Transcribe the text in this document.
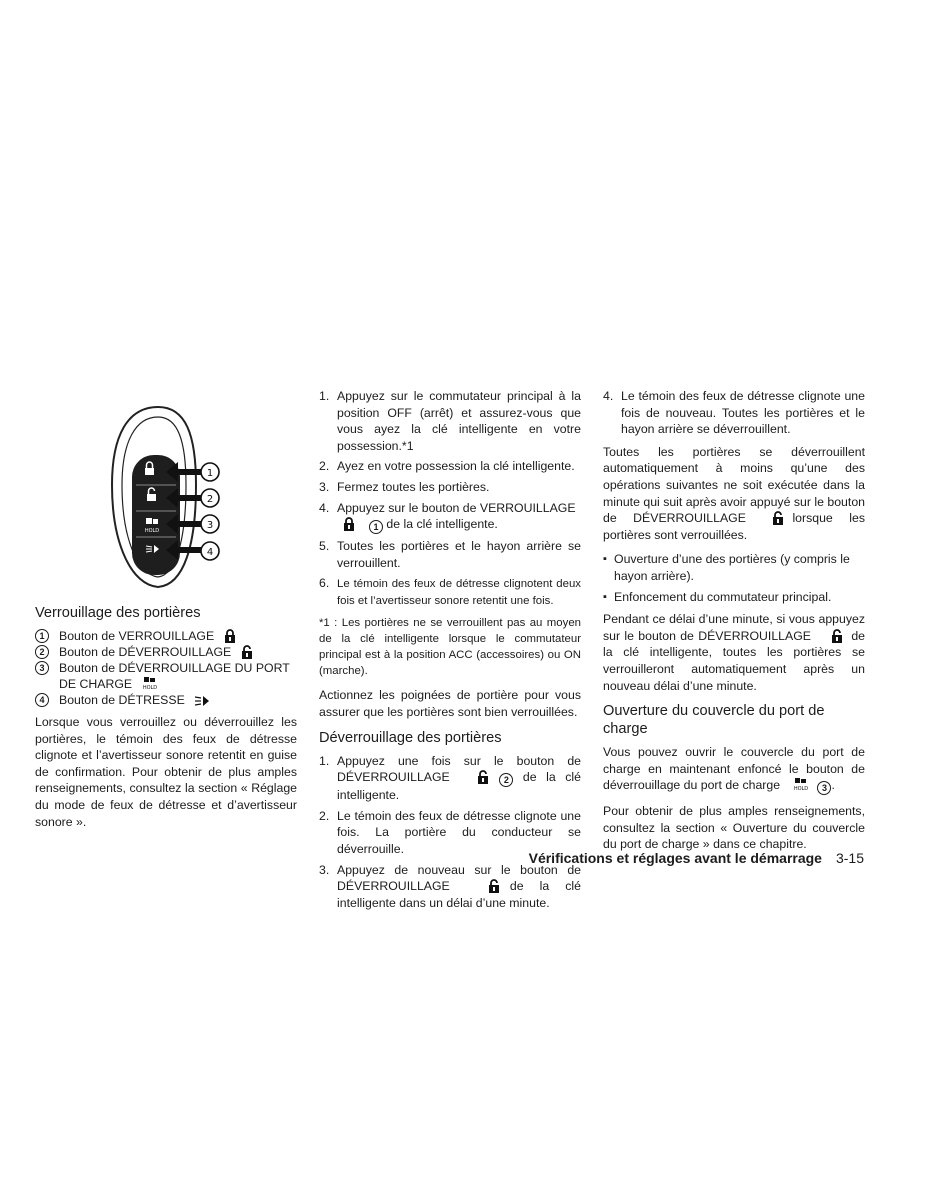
HOLD
1
2
3
4
Verrouillage des portières
1	Bouton de VERROUILLAGE
2	Bouton de DÉVERROUILLAGE
3	Bouton de DÉVERROUILLAGE DU PORT DE CHARGE HOLD
4	Bouton de DÉTRESSE

Lorsque vous verrouillez ou déverrouillez les portières, le témoin des feux de détresse clignote et l’avertisseur sonore retentit en guise de confirmation. Pour obtenir de plus amples renseignements, consultez la section « Réglage du mode de feux de détresse et d’avertisseur sonore ».

1. Appuyez sur le commutateur principal à la position OFF (arrêt) et assurez-vous que vous ayez la clé intelligente en votre possession.*1
2. Ayez en votre possession la clé intelligente.
3. Fermez toutes les portières.
4. Appuyez sur le bouton de VERROUILLAGE

1 de la clé intelligente.
5. Toutes les portières et le hayon arrière se verrouillent.
6. Le témoin des feux de détresse clignotent deux fois et l’avertisseur sonore retentit une fois.

*1 : Les portières ne se verrouillent pas au moyen de la clé intelligente lorsque le commutateur principal est à la position ACC (accessoires) ou ON (marche).

Actionnez les poignées de portière pour vous assurer que les portières sont bien verrouillées.

Déverrouillage des portières
1. Appuyez une fois sur le bouton de DÉVERROUILLAGE	2 de la clé intelligente.
2. Le témoin des feux de détresse clignote une fois. La portière du conducteur se déverrouille.
3. Appuyez de nouveau sur le bouton de DÉVERROUILLAGE	de la clé intelligente dans un délai d’une minute.
4. Le témoin des feux de détresse clignote une fois de nouveau. Toutes les portières et le hayon arrière se déverrouillent.

Toutes les portières se déverrouillent automatiquement à moins qu’une des opérations suivantes ne soit exécutée dans la minute qui suit après avoir appuyé sur le bouton de DÉVERROUILLAGE	lorsque les portières sont verrouillées.

▪ Ouverture d’une des portières (y compris le hayon arrière).
▪ Enfoncement du commutateur principal.

Pendant ce délai d’une minute, si vous appuyez sur le bouton de DÉVERROUILLAGE	de la clé intelligente, toutes les portières se verrouilleront automatiquement après un nouveau délai d’une minute.

Ouverture du couvercle du port de charge

Vous pouvez ouvrir le couvercle du port de charge en maintenant enfoncé le bouton de déverrouillage du port de charge	HOLD 3 .

Pour obtenir de plus amples renseignements, consultez la section « Ouverture du couvercle du port de charge » dans ce chapitre.

Vérifications et réglages avant le démarrage 3-15
